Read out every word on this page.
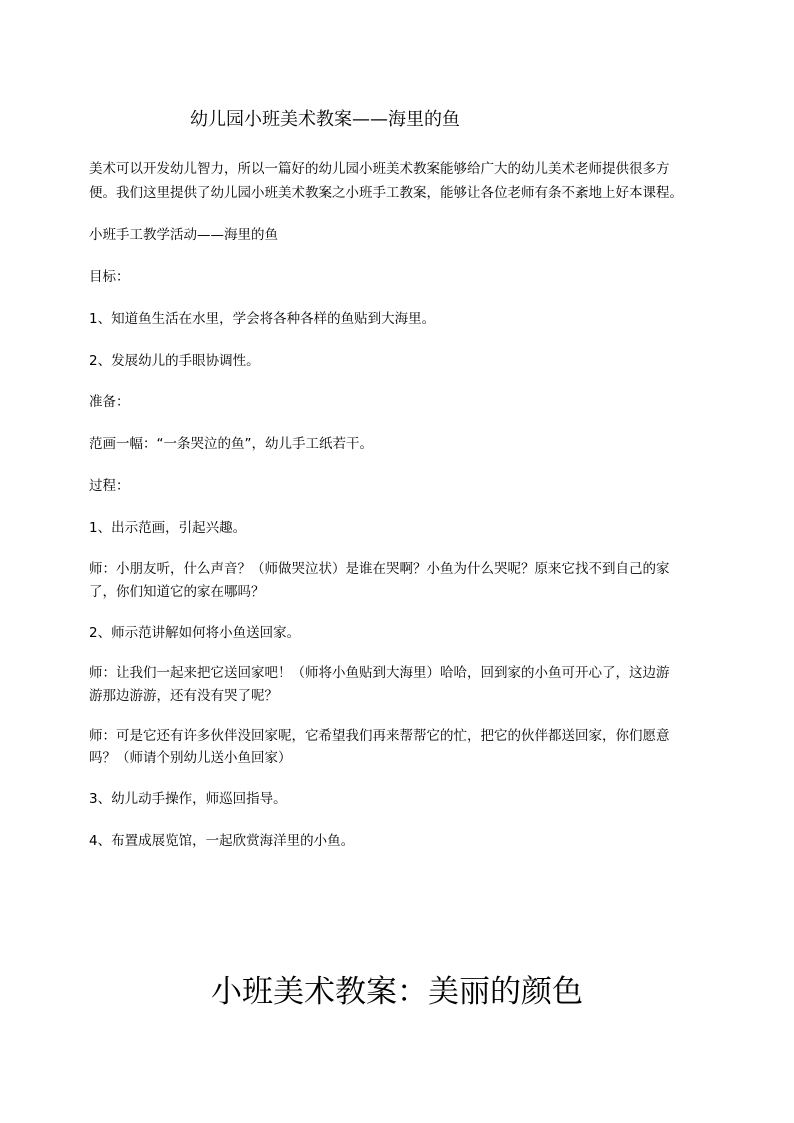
幼儿园小班美术教案——海里的鱼
美术可以开发幼儿智力，所以一篇好的幼儿园小班美术教案能够给广大的幼儿美术老师提供很多方
便。我们这里提供了幼儿园小班美术教案之小班手工教案，能够让各位老师有条不紊地上好本课程。
小班手工教学活动——海里的鱼
目标：
1、知道鱼生活在水里，学会将各种各样的鱼贴到大海里。
2、发展幼儿的手眼协调性。
准备：
范画一幅：“一条哭泣的鱼”，幼儿手工纸若干。
过程：
1、出示范画，引起兴趣。
师：小朋友听，什么声音？（师做哭泣状）是谁在哭啊？小鱼为什么哭呢？原来它找不到自己的家
了，你们知道它的家在哪吗？
2、师示范讲解如何将小鱼送回家。
师：让我们一起来把它送回家吧！（师将小鱼贴到大海里）哈哈，回到家的小鱼可开心了，这边游
游那边游游，还有没有哭了呢？
师：可是它还有许多伙伴没回家呢，它希望我们再来帮帮它的忙，把它的伙伴都送回家，你们愿意
吗？（师请个别幼儿送小鱼回家）
3、幼儿动手操作，师巡回指导。
4、布置成展览馆，一起欣赏海洋里的小鱼。
小班美术教案：美丽的颜色
